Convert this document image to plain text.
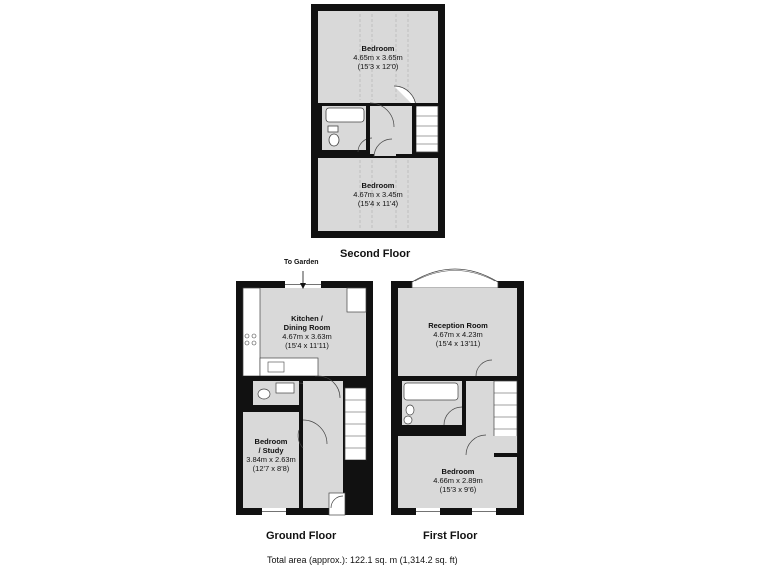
Bedroom
4.65m x 3.65m
(15'3 x 12'0)
Bedroom
4.67m x 3.45m
(15'4 x 11'4)
Second Floor
To Garden
Kitchen /
Dining Room
4.67m x 3.63m
(15'4 x 11'11)
Bedroom
/ Study
3.84m x 2.63m
(12'7 x 8'8)
Ground Floor
Reception Room
4.67m x 4.23m
(15'4 x 13'11)
Bedroom
4.66m x 2.89m
(15'3 x 9'6)
First Floor
Total area (approx.): 122.1 sq. m (1,314.2 sq. ft)
